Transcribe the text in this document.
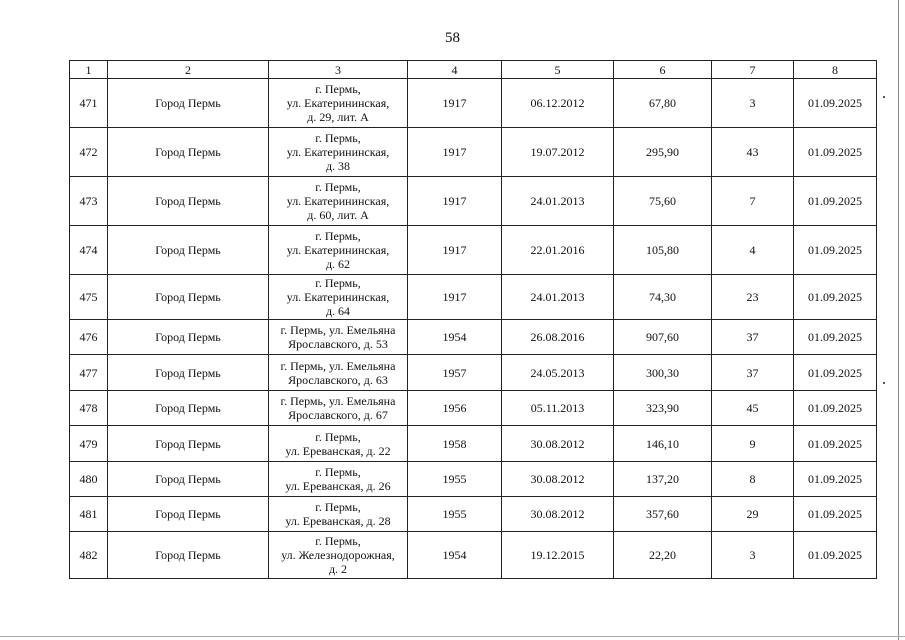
58
1	2	3	4	5	6	7	8
471	Город Пермь	г. Пермь,
ул. Екатерининская,
д. 29, лит. А	1917	06.12.2012	67,80	3	01.09.2025
472	Город Пермь	г. Пермь,
ул. Екатерининская,
д. 38	1917	19.07.2012	295,90	43	01.09.2025
473	Город Пермь	г. Пермь,
ул. Екатерининская,
д. 60, лит. А	1917	24.01.2013	75,60	7	01.09.2025
474	Город Пермь	г. Пермь,
ул. Екатерининская,
д. 62	1917	22.01.2016	105,80	4	01.09.2025
475	Город Пермь	г. Пермь,
ул. Екатерининская,
д. 64	1917	24.01.2013	74,30	23	01.09.2025
476	Город Пермь	г. Пермь, ул. Емельяна
Ярославского, д. 53	1954	26.08.2016	907,60	37	01.09.2025
477	Город Пермь	г. Пермь, ул. Емельяна
Ярославского, д. 63	1957	24.05.2013	300,30	37	01.09.2025
478	Город Пермь	г. Пермь, ул. Емельяна
Ярославского, д. 67	1956	05.11.2013	323,90	45	01.09.2025
479	Город Пермь	г. Пермь,
ул. Ереванская, д. 22	1958	30.08.2012	146,10	9	01.09.2025
480	Город Пермь	г. Пермь,
ул. Ереванская, д. 26	1955	30.08.2012	137,20	8	01.09.2025
481	Город Пермь	г. Пермь,
ул. Ереванская, д. 28	1955	30.08.2012	357,60	29	01.09.2025
482	Город Пермь	г. Пермь,
ул. Железнодорожная,
д. 2	1954	19.12.2015	22,20	3	01.09.2025
